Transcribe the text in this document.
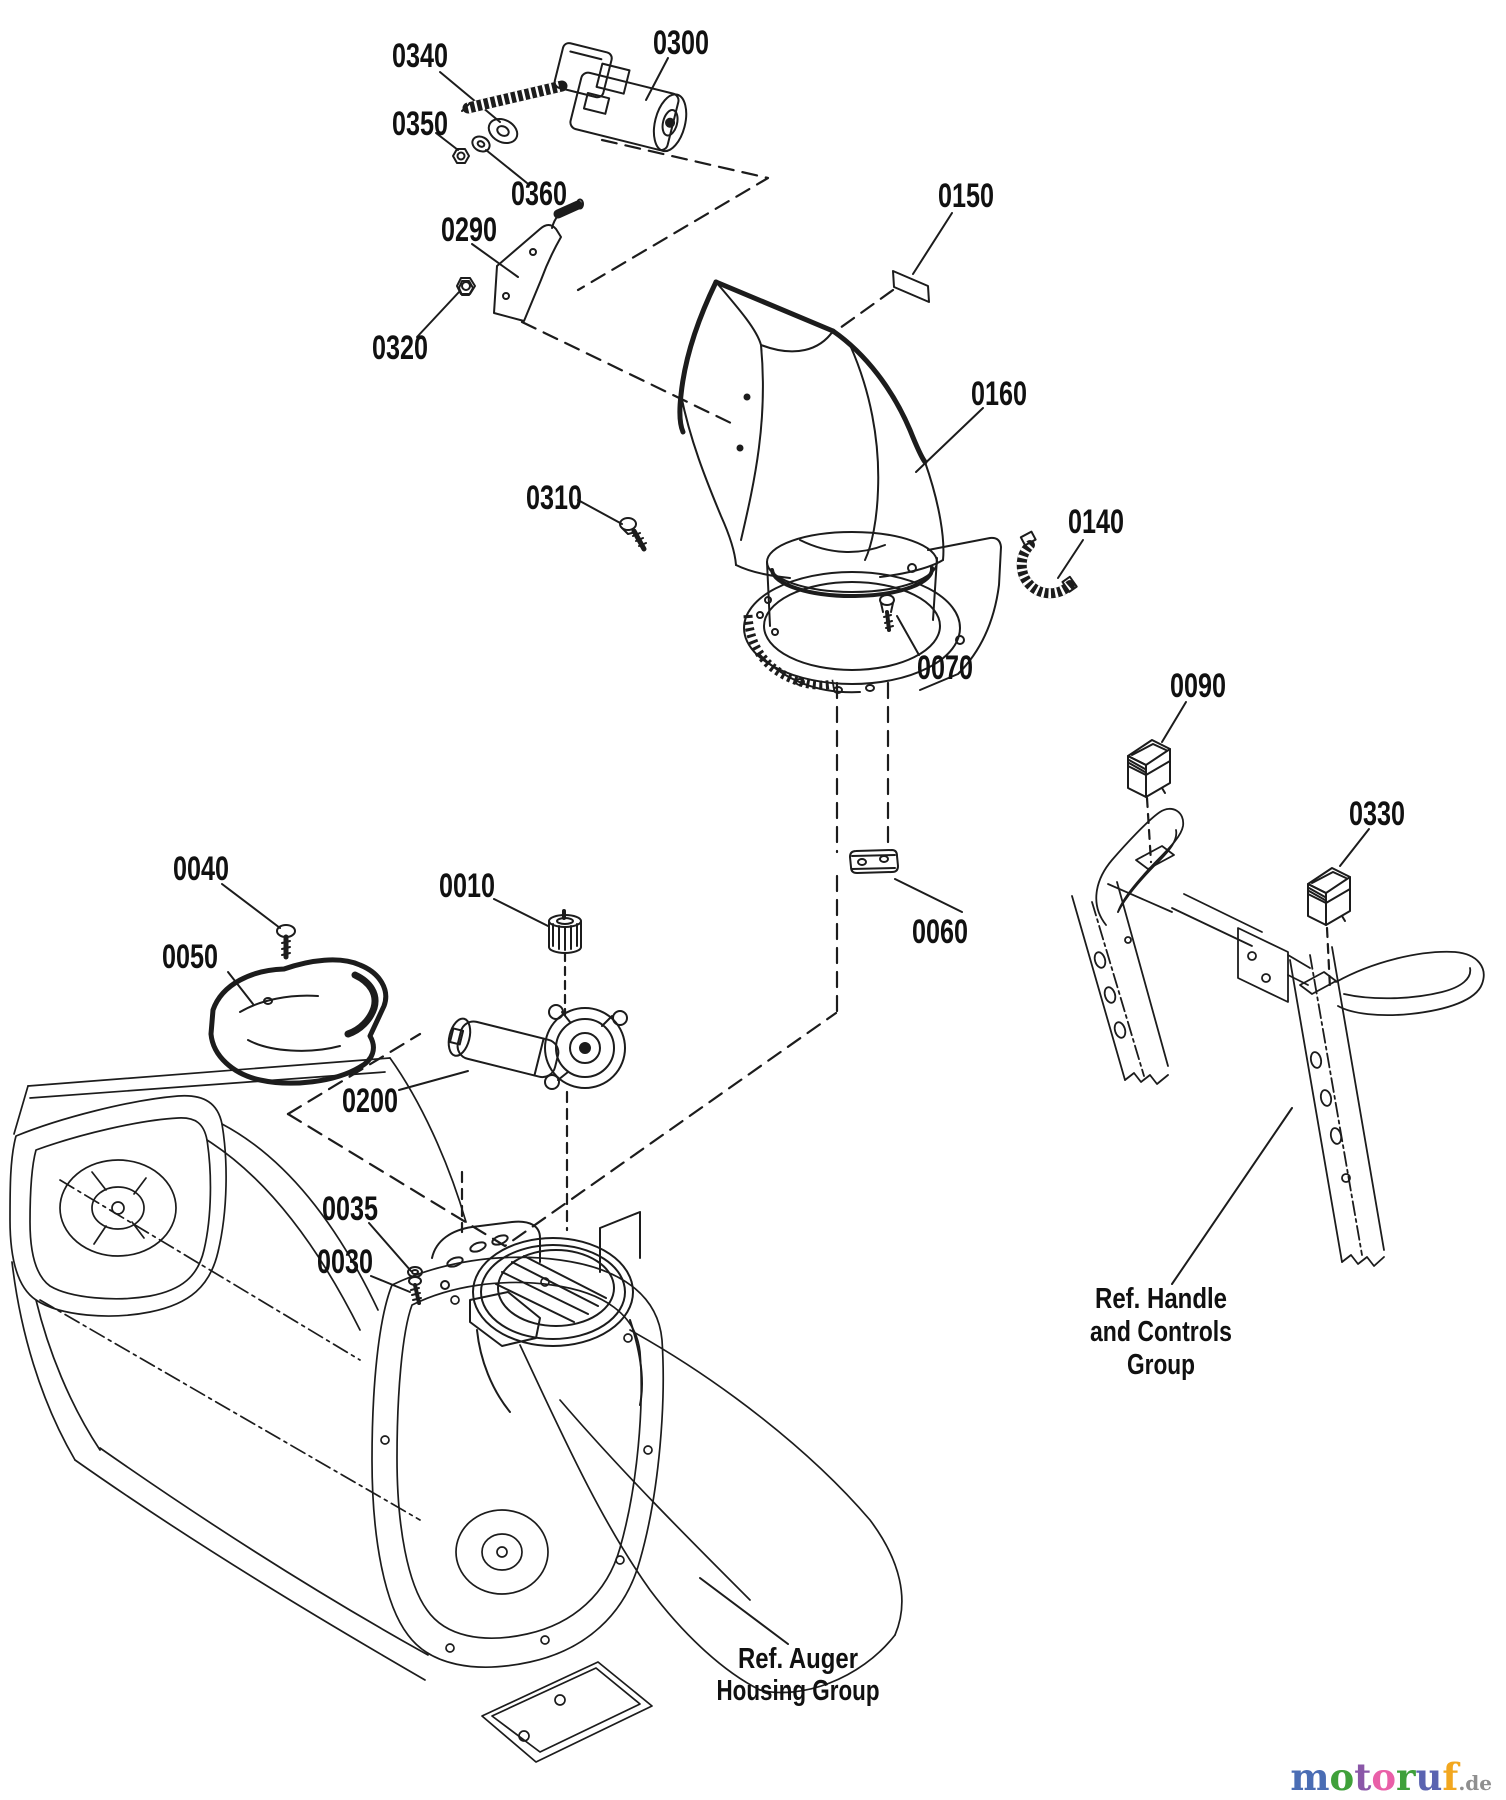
0340	0300
0350
0360
0290
0320
0310
0150
0160
0140
0070	0090
0330
0060
0040
0050
0010
0200
0035
0030
Ref. Handle
and Controls
Group
Ref. Auger
Housing Group
motoruf.de
